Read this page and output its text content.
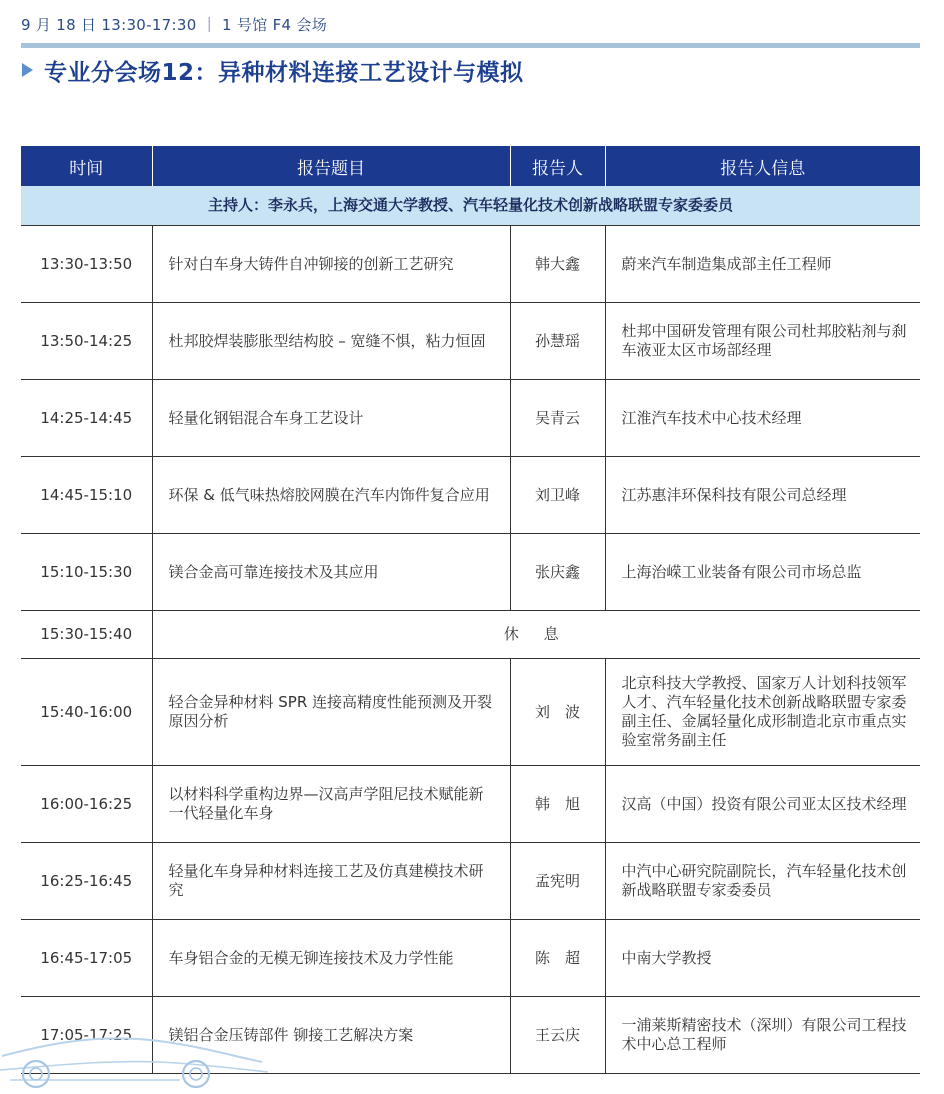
9 月 18 日 13:30-17:30 ｜ 1 号馆 F4 会场
专业分会场12：异种材料连接工艺设计与模拟
时间	报告题目	报告人	报告人信息
主持人：李永兵，上海交通大学教授、汽车轻量化技术创新战略联盟专家委委员			
13:30-13:50	针对白车身大铸件自冲铆接的创新工艺研究	韩大鑫	蔚来汽车制造集成部主任工程师
13:50-14:25	杜邦胶焊装膨胀型结构胶 – 宽缝不惧，粘力恒固	孙慧瑶	杜邦中国研发管理有限公司杜邦胶粘剂与刹车液亚太区市场部经理
14:25-14:45	轻量化钢铝混合车身工艺设计	吴青云	江淮汽车技术中心技术经理
14:45-15:10	环保 & 低气味热熔胶网膜在汽车内饰件复合应用	刘卫峰	江苏惠沣环保科技有限公司总经理
15:10-15:30	镁合金高可靠连接技术及其应用	张庆鑫	上海治嵘工业装备有限公司市场总监
15:30-15:40	休 息		
15:40-16:00	轻合金异种材料 SPR 连接高精度性能预测及开裂原因分析	刘　波	北京科技大学教授、国家万人计划科技领军人才、汽车轻量化技术创新战略联盟专家委副主任、金属轻量化成形制造北京市重点实验室常务副主任
16:00-16:25	以材料科学重构边界—汉高声学阻尼技术赋能新一代轻量化车身	韩　旭	汉高（中国）投资有限公司亚太区技术经理
16:25-16:45	轻量化车身异种材料连接工艺及仿真建模技术研究	孟宪明	中汽中心研究院副院长，汽车轻量化技术创新战略联盟专家委委员
16:45-17:05	车身铝合金的无模无铆连接技术及力学性能	陈　超	中南大学教授
17:05-17:25	镁铝合金压铸部件 铆接工艺解决方案	王云庆	一浦莱斯精密技术（深圳）有限公司工程技术中心总工程师
